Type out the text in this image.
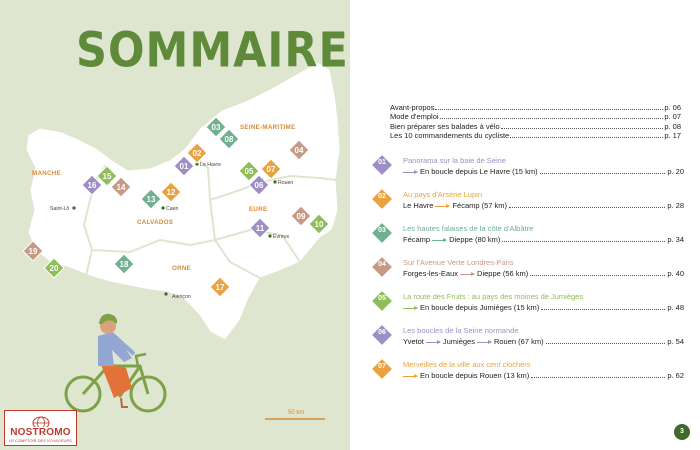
MANCHE
SEINE-MARITIME
CALVADOS
EURE
ORNE
Le Havre
Rouen
Caen
Saint-Lô
Évreux
Alençon
01
02
03
04
05
06
07
08
09
10
11
12
13
14
15
16
17
18
19
20
50 km
SOMMAIRE
NOSTROMO
LE COMPTOIR DES VOYAGEURS
Avant-propos	p. 06
Mode d'emploi	p. 07
Bien préparer ses balades à vélo	p. 08
Les 10 commandements du cycliste	p. 17
01	Panorama sur la baie de Seine
En boucle depuis Le Havre (15 km)	p. 20
02	Au pays d'Arsène Lupin
Le Havre	Fécamp (57 km)	p. 28
03	Les hautes falaises de la côte d'Albâtre
Fécamp	Dieppe (80 km)	p. 34
04	Sur l'Avenue Verte Londres-Paris
Forges-les-Eaux	Dieppe (56 km)	p. 40
05	La route des Fruits : au pays des moines de Jumièges
En boucle depuis Jumièges (15 km)	p. 48
06	Les boucles de la Seine normande
Yvetot	Jumièges	Rouen (67 km)	p. 54
07	Merveilles de la ville aux cent clochers
En boucle depuis Rouen (13 km)	p. 62
3
